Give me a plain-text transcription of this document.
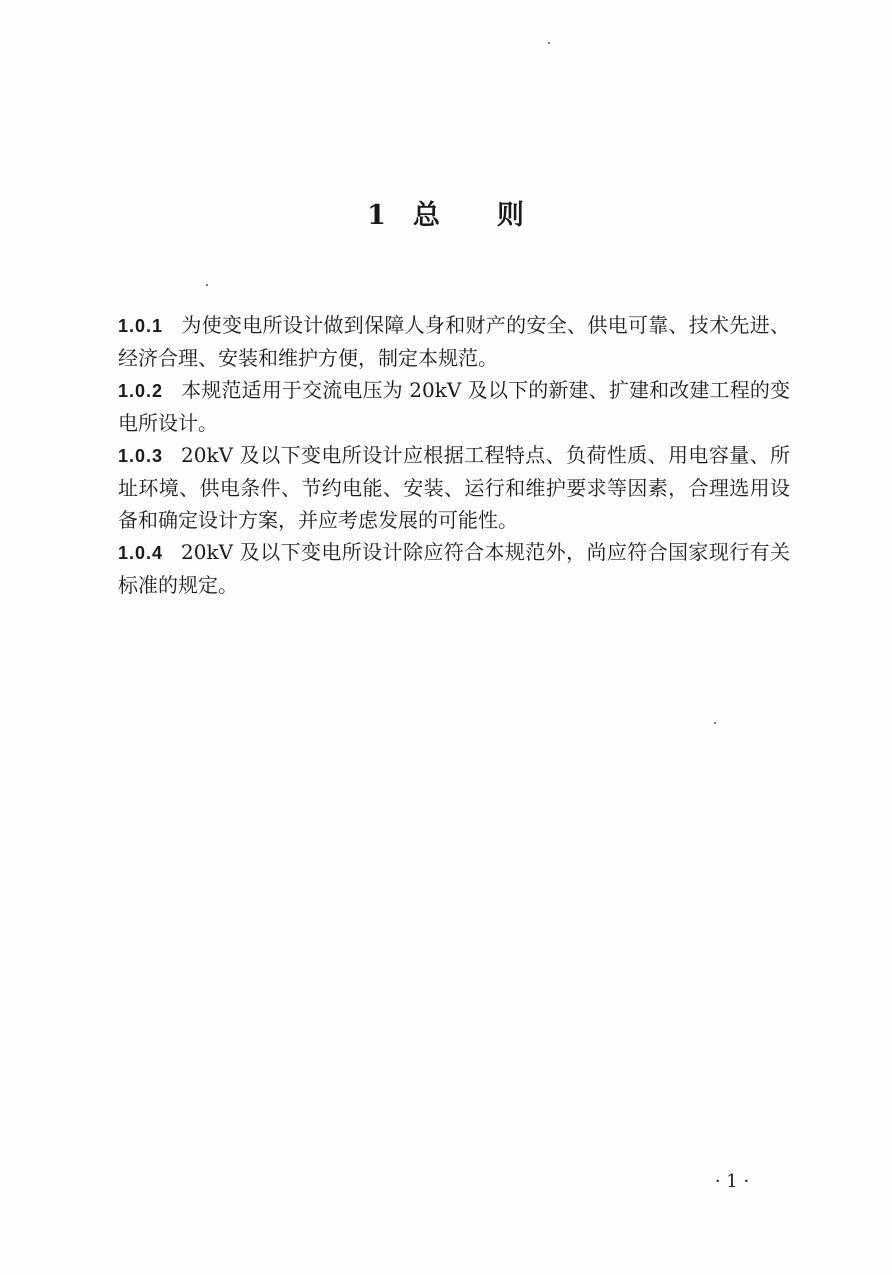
1 总 则

1.0.1 为使变电所设计做到保障人身和财产的安全、供电可靠、技术先进、经济合理、安装和维护方便，制定本规范。

1.0.2 本规范适用于交流电压为 20kV 及以下的新建、扩建和改建工程的变电所设计。

1.0.3 20kV 及以下变电所设计应根据工程特点、负荷性质、用电容量、所址环境、供电条件、节约电能、安装、运行和维护要求等因素，合理选用设备和确定设计方案，并应考虑发展的可能性。

1.0.4 20kV 及以下变电所设计除应符合本规范外，尚应符合国家现行有关标准的规定。

· 1 ·
